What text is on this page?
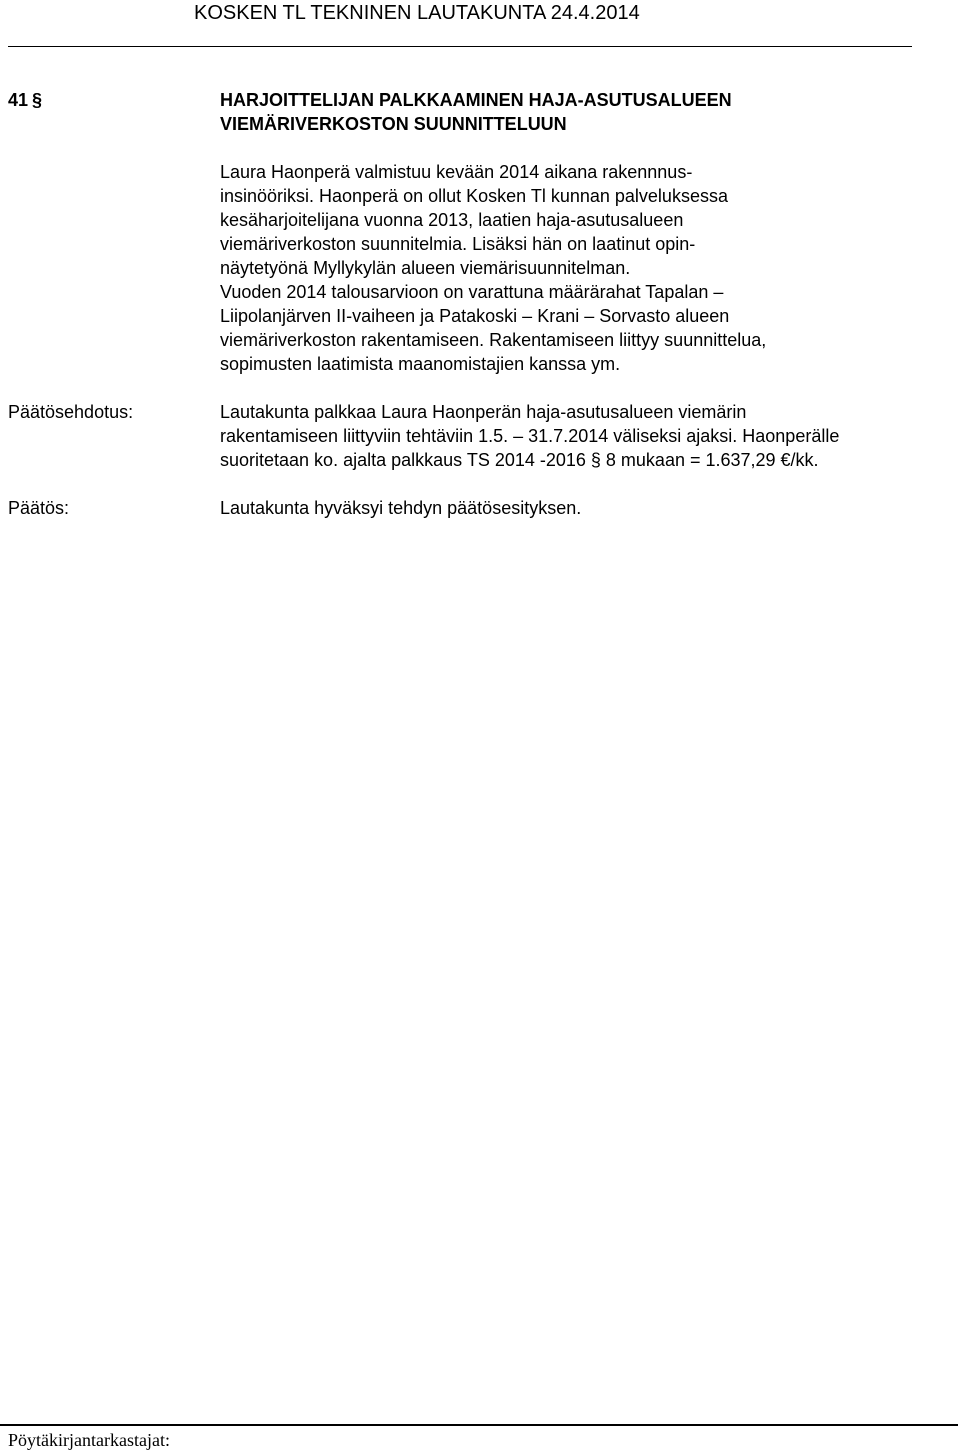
KOSKEN TL TEKNINEN LAUTAKUNTA 24.4.2014
41 §	HARJOITTELIJAN PALKKAAMINEN HAJA-ASUTUSALUEEN
VIEMÄRIVERKOSTON SUUNNITTELUUN
Laura Haonperä valmistuu kevään 2014 aikana rakennnus-
insinööriksi. Haonperä on ollut Kosken Tl kunnan palveluksessa
kesäharjoitelijana vuonna 2013, laatien haja-asutusalueen
viemäriverkoston suunnitelmia. Lisäksi hän on laatinut opin-
näytetyönä Myllykylän alueen viemärisuunnitelman.
Vuoden 2014 talousarvioon on varattuna määrärahat Tapalan –
Liipolanjärven II-vaiheen ja Patakoski – Krani – Sorvasto alueen
viemäriverkoston rakentamiseen. Rakentamiseen liittyy suunnittelua,
sopimusten laatimista maanomistajien kanssa ym.
Päätösehdotus:	Lautakunta palkkaa Laura Haonperän haja-asutusalueen viemärin
rakentamiseen liittyviin tehtäviin 1.5. – 31.7.2014 väliseksi ajaksi. Haonperälle
suoritetaan ko. ajalta palkkaus TS 2014 -2016 § 8 mukaan = 1.637,29 €/kk.
Päätös:	Lautakunta hyväksyi tehdyn päätösesityksen.
Pöytäkirjantarkastajat:
